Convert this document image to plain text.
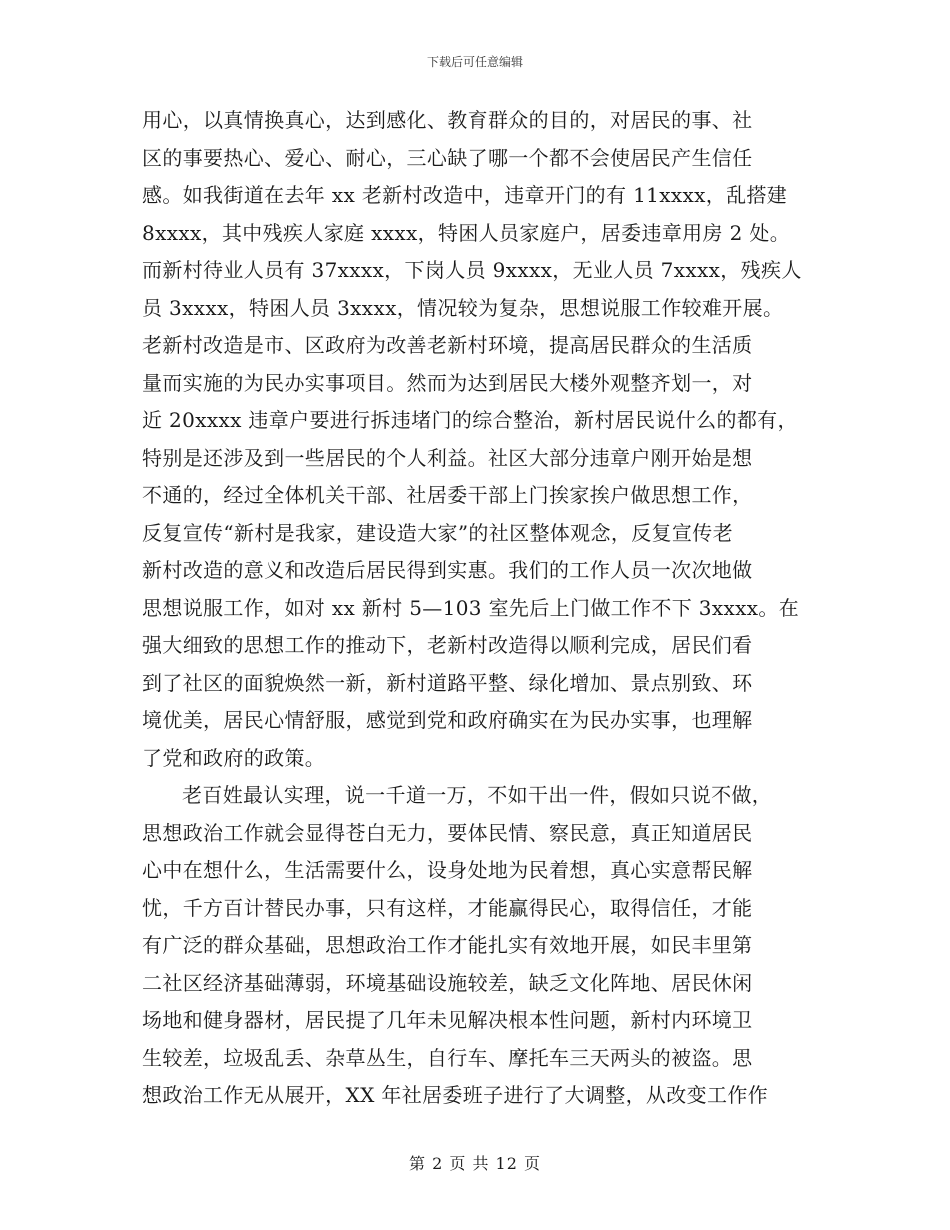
下载后可任意编辑
用心，以真情换真心，达到感化、教育群众的目的，对居民的事、社
区的事要热心、爱心、耐心，三心缺了哪一个都不会使居民产生信任
感。如我街道在去年 xx 老新村改造中，违章开门的有 11xxxx，乱搭建
8xxxx，其中残疾人家庭 xxxx，特困人员家庭户，居委违章用房 2 处。
而新村待业人员有 37xxxx，下岗人员 9xxxx，无业人员 7xxxx，残疾人
员 3xxxx，特困人员 3xxxx，情况较为复杂，思想说服工作较难开展。
老新村改造是市、区政府为改善老新村环境，提高居民群众的生活质
量而实施的为民办实事项目。然而为达到居民大楼外观整齐划一，对
近 20xxxx 违章户要进行拆违堵门的综合整治，新村居民说什么的都有，
特别是还涉及到一些居民的个人利益。社区大部分违章户刚开始是想
不通的，经过全体机关干部、社居委干部上门挨家挨户做思想工作，
反复宣传“新村是我家，建设造大家”的社区整体观念，反复宣传老
新村改造的意义和改造后居民得到实惠。我们的工作人员一次次地做
思想说服工作，如对 xx 新村 5—103 室先后上门做工作不下 3xxxx。在
强大细致的思想工作的推动下，老新村改造得以顺利完成，居民们看
到了社区的面貌焕然一新，新村道路平整、绿化增加、景点别致、环
境优美，居民心情舒服，感觉到党和政府确实在为民办实事，也理解
了党和政府的政策。
老百姓最认实理，说一千道一万，不如干出一件，假如只说不做，
思想政治工作就会显得苍白无力，要体民情、察民意，真正知道居民
心中在想什么，生活需要什么，设身处地为民着想，真心实意帮民解
忧，千方百计替民办事，只有这样，才能赢得民心，取得信任，才能
有广泛的群众基础，思想政治工作才能扎实有效地开展，如民丰里第
二社区经济基础薄弱，环境基础设施较差，缺乏文化阵地、居民休闲
场地和健身器材，居民提了几年未见解决根本性问题，新村内环境卫
生较差，垃圾乱丢、杂草丛生，自行车、摩托车三天两头的被盗。思
想政治工作无从展开，XX 年社居委班子进行了大调整，从改变工作作
第 2 页 共 12 页
